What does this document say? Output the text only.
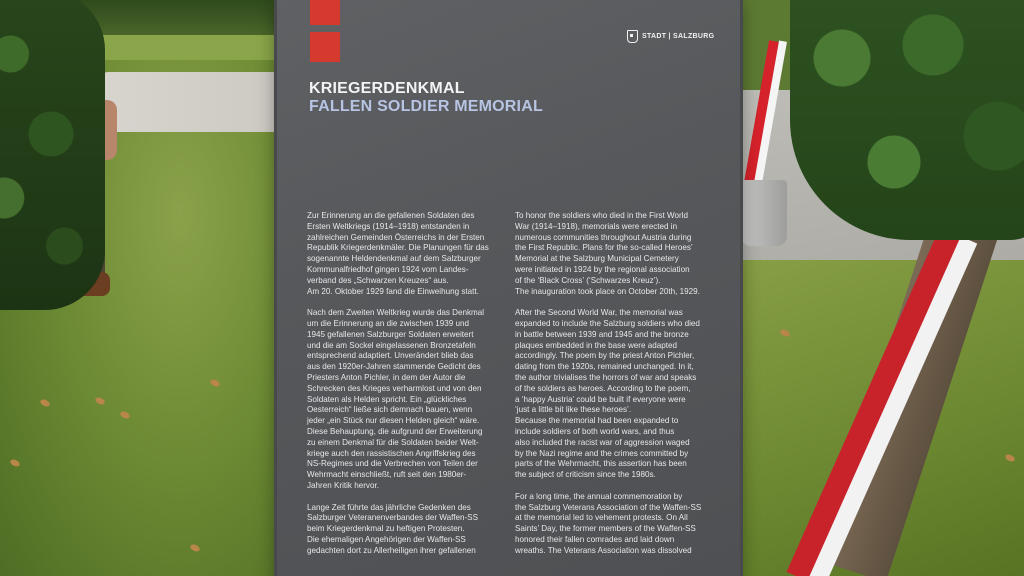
STADT | SALZBURG
KRIEGERDENKMAL
FALLEN SOLDIER MEMORIAL

Zur Erinnerung an die gefallenen Soldaten des
Ersten Weltkriegs (1914–1918) entstanden in
zahlreichen Gemeinden Österreichs in der Ersten
Republik Kriegerdenkmäler. Die Planungen für das
sogenannte Heldendenkmal auf dem Salzburger
Kommunalfriedhof gingen 1924 vom Landes-
verband des „Schwarzen Kreuzes“ aus.
Am 20. Oktober 1929 fand die Einweihung statt.

Nach dem Zweiten Weltkrieg wurde das Denkmal
um die Erinnerung an die zwischen 1939 und
1945 gefallenen Salzburger Soldaten erweitert
und die am Sockel eingelassenen Bronzetafeln
entsprechend adaptiert. Unverändert blieb das
aus den 1920er-Jahren stammende Gedicht des
Priesters Anton Pichler, in dem der Autor die
Schrecken des Krieges verharmlost und von den
Soldaten als Helden spricht. Ein „glückliches
Oesterreich“ ließe sich demnach bauen, wenn
jeder „ein Stück nur diesen Helden gleich“ wäre.
Diese Behauptung, die aufgrund der Erweiterung
zu einem Denkmal für die Soldaten beider Welt-
kriege auch den rassistischen Angriffskrieg des
NS-Regimes und die Verbrechen von Teilen der
Wehrmacht einschließt, ruft seit den 1980er-
Jahren Kritik hervor.

Lange Zeit führte das jährliche Gedenken des
Salzburger Veteranenverbandes der Waffen-SS
beim Kriegerdenkmal zu heftigen Protesten.
Die ehemaligen Angehörigen der Waffen-SS
gedachten dort zu Allerheiligen ihrer gefallenen

To honor the soldiers who died in the First World
War (1914–1918), memorials were erected in
numerous communities throughout Austria during
the First Republic. Plans for the so-called Heroes’
Memorial at the Salzburg Municipal Cemetery
were initiated in 1924 by the regional association
of the ‘Black Cross’ (‘Schwarzes Kreuz’).
The inauguration took place on October 20th, 1929.

After the Second World War, the memorial was
expanded to include the Salzburg soldiers who died
in battle between 1939 and 1945 and the bronze
plaques embedded in the base were adapted
accordingly. The poem by the priest Anton Pichler,
dating from the 1920s, remained unchanged. In it,
the author trivialises the horrors of war and speaks
of the soldiers as heroes. According to the poem,
a ‘happy Austria’ could be built if everyone were
‘just a little bit like these heroes’.
Because the memorial had been expanded to
include soldiers of both world wars, and thus
also included the racist war of aggression waged
by the Nazi regime and the crimes committed by
parts of the Wehrmacht, this assertion has been
the subject of criticism since the 1980s.

For a long time, the annual commemoration by
the Salzburg Veterans Association of the Waffen-SS
at the memorial led to vehement protests. On All
Saints’ Day, the former members of the Waffen-SS
honored their fallen comrades and laid down
wreaths. The Veterans Association was dissolved
